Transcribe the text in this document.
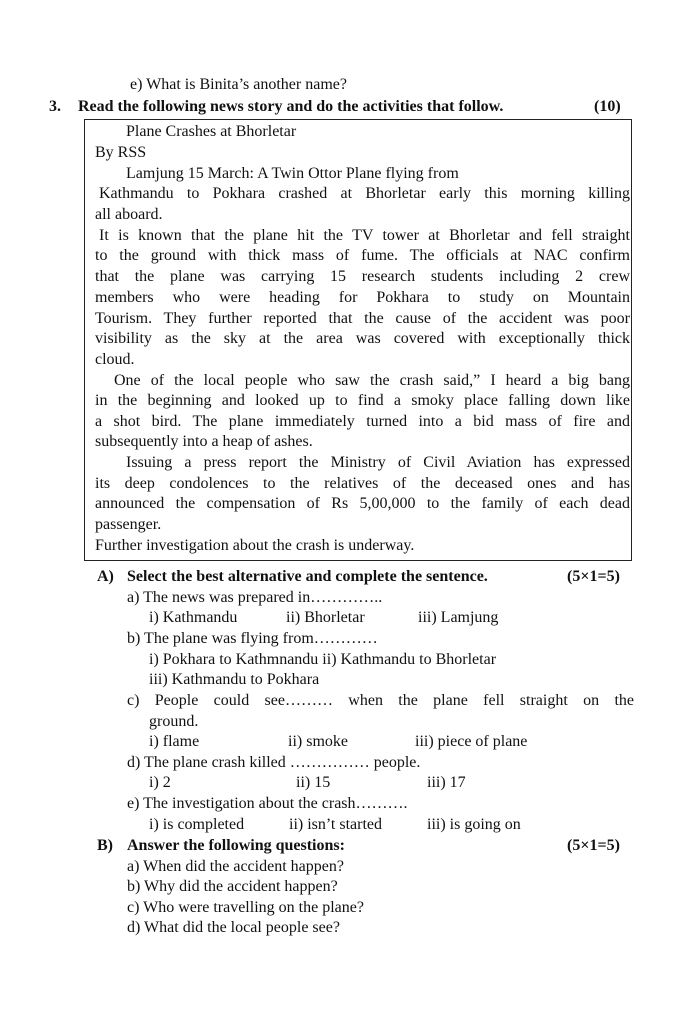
e) What is Binita’s another name?
3. Read the following news story and do the activities that follow.	(10)
Plane Crashes at Bhorletar
By RSS
Lamjung 15 March: A Twin Ottor Plane flying from
Kathmandu to Pokhara crashed at Bhorletar early this morning killing
all aboard.
It is known that the plane hit the TV tower at Bhorletar and fell straight
to the ground with thick mass of fume. The officials at NAC confirm
that the plane was carrying 15 research students including 2 crew
members who were heading for Pokhara to study on Mountain
Tourism. They further reported that the cause of the accident was poor
visibility as the sky at the area was covered with exceptionally thick
cloud.
One of the local people who saw the crash said,” I heard a big bang
in the beginning and looked up to find a smoky place falling down like
a shot bird. The plane immediately turned into a bid mass of fire and
subsequently into a heap of ashes.
Issuing a press report the Ministry of Civil Aviation has expressed
its deep condolences to the relatives of the deceased ones and has
announced the compensation of Rs 5,00,000 to the family of each dead
passenger.
Further investigation about the crash is underway.
A) Select the best alternative and complete the sentence.	(5×1=5)
a) The news was prepared in…………..
i) Kathmandu	ii) Bhorletar	iii) Lamjung
b) The plane was flying from…………
i) Pokhara to Kathmnandu ii) Kathmandu to Bhorletar
iii) Kathmandu to Pokhara
c) People could see……… when the plane fell straight on the
ground.
i) flame	ii) smoke	iii) piece of plane
d) The plane crash killed …………… people.
i) 2	ii) 15	iii) 17
e) The investigation about the crash……….
i) is completed	ii) isn’t started	iii) is going on
B) Answer the following questions:	(5×1=5)
a) When did the accident happen?
b) Why did the accident happen?
c) Who were travelling on the plane?
d) What did the local people see?
